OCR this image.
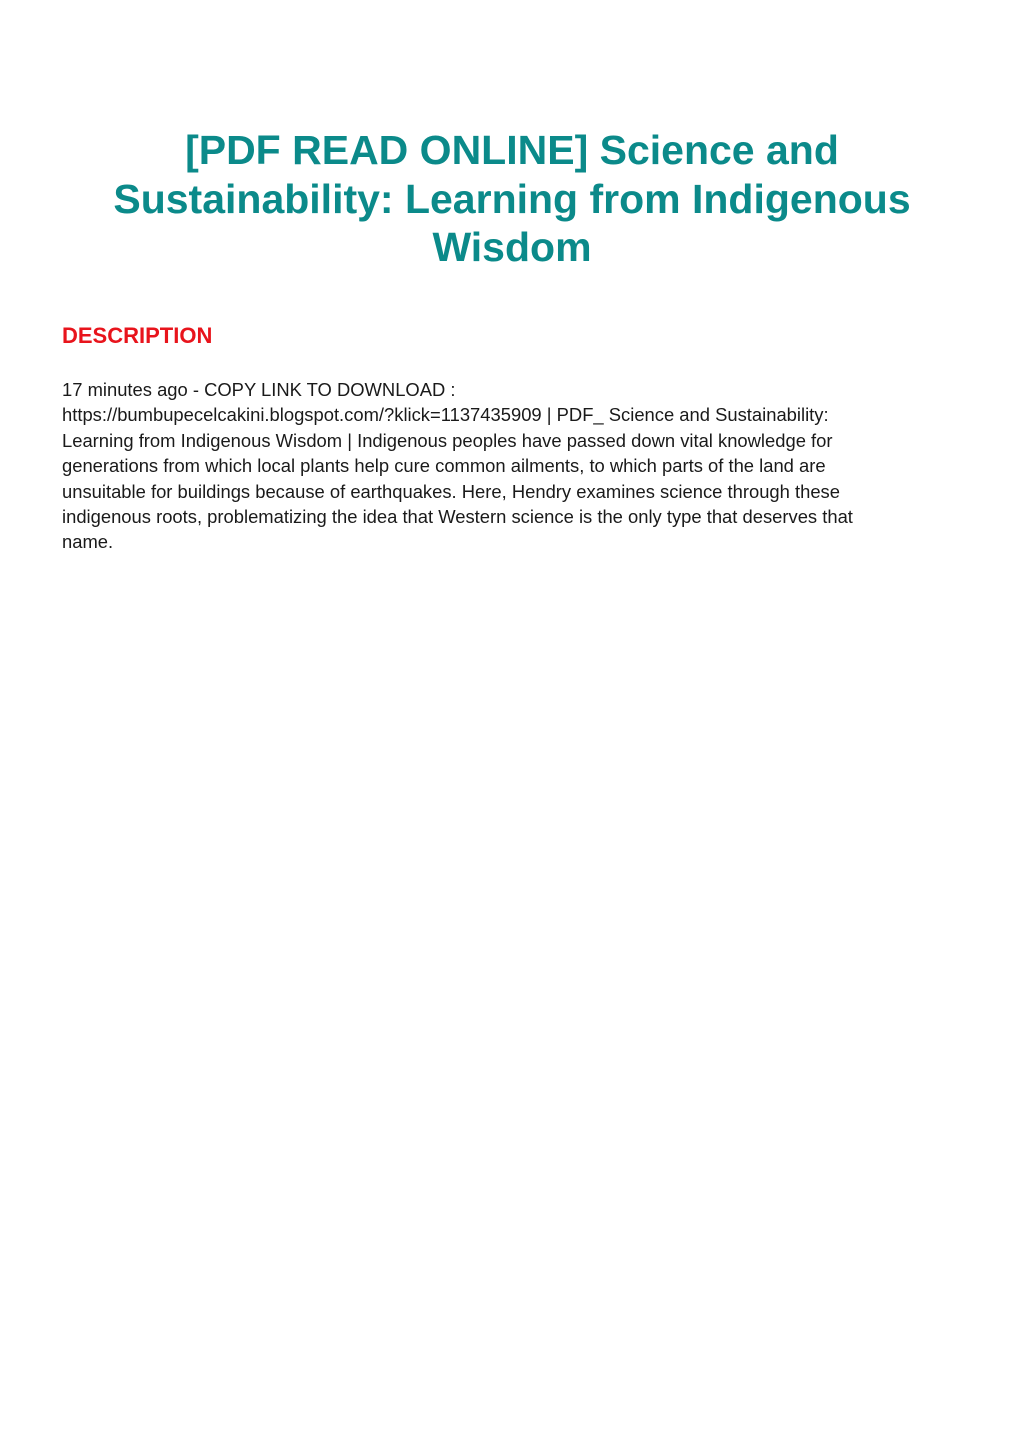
[PDF READ ONLINE] Science and
Sustainability: Learning from Indigenous
Wisdom
DESCRIPTION
17 minutes ago - COPY LINK TO DOWNLOAD :
https://bumbupecelcakini.blogspot.com/?klick=1137435909 | PDF_ Science and Sustainability:
Learning from Indigenous Wisdom | Indigenous peoples have passed down vital knowledge for
generations from which local plants help cure common ailments, to which parts of the land are
unsuitable for buildings because of earthquakes. Here, Hendry examines science through these
indigenous roots, problematizing the idea that Western science is the only type that deserves that
name.
